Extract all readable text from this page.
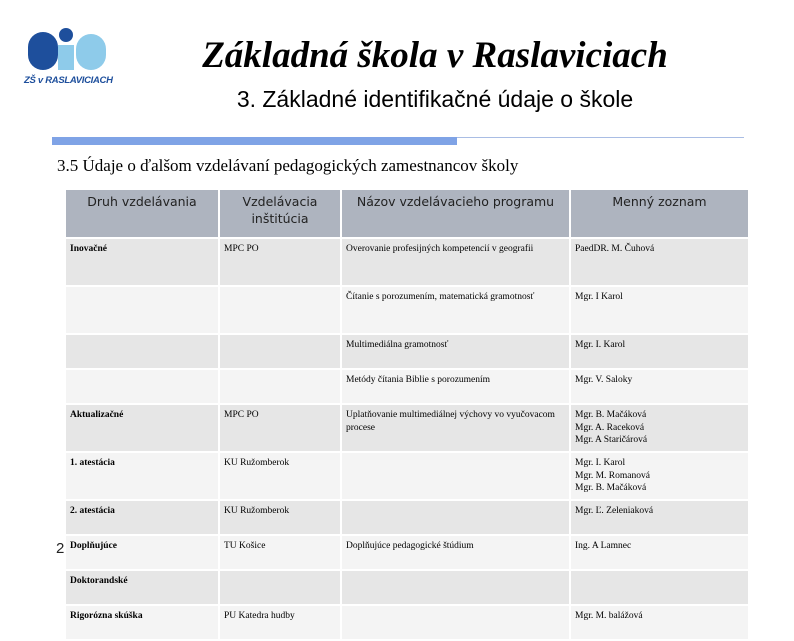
ZŠ v RASLAVICIACH
Základná škola v Raslaviciach
3. Základné identifikačné údaje o škole
3.5 Údaje o ďalšom vzdelávaní pedagogických zamestnancov školy
2
Druh vzdelávania	Vzdelávacia inštitúcia	Názov vzdelávacieho programu	Menný zoznam
Inovačné	MPC PO	Overovanie profesijných kompetencií v geografii	PaedDR. M. Čuhová
		Čítanie s porozumením, matematická gramotnosť	Mgr. I Karol
		Multimediálna gramotnosť	Mgr. I. Karol
		Metódy čítania Biblie s porozumením	Mgr. V. Saloky
Aktualizačné	MPC PO	Uplatňovanie multimediálnej výchovy vo vyučovacom procese	Mgr. B. Mačáková
Mgr. A. Raceková
Mgr. A Staričárová
1. atestácia	KU Ružomberok		Mgr. I. Karol
Mgr. M. Romanová
Mgr. B. Mačáková
2. atestácia	KU Ružomberok		Mgr. Ľ. Zeleniaková
Doplňujúce	TU Košice	Doplňujúce pedagogické štúdium	Ing. A Lamnec
Doktorandské			
Rigorózna skúška	PU Katedra hudby		Mgr. M. balážová
